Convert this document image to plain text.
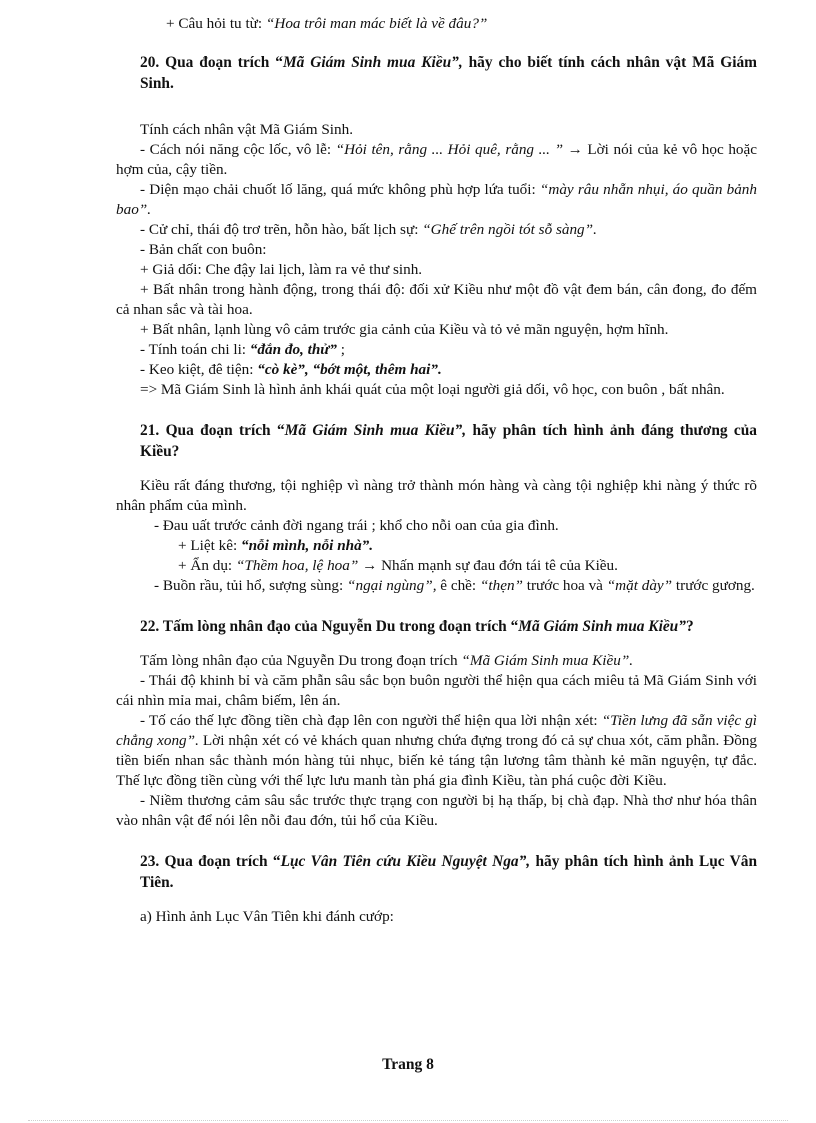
+ Câu hỏi tu từ: “Hoa trôi man mác biết là về đâu?”

20. Qua đoạn trích “Mã Giám Sinh mua Kiều”, hãy cho biết tính cách nhân vật Mã Giám Sinh.

Tính cách nhân vật Mã Giám Sinh.

- Cách nói năng cộc lốc, vô lễ: “Hỏi tên, rằng ... Hỏi quê, rằng ... ” → Lời nói của kẻ vô học hoặc hợm của, cậy tiền.

- Diện mạo chải chuốt lố lăng, quá mức không phù hợp lứa tuổi: “mày râu nhẵn nhụi, áo quần bảnh bao”.

- Cử chỉ, thái độ trơ trẽn, hỗn hào, bất lịch sự: “Ghế trên ngồi tót sỗ sàng”.

- Bản chất con buôn:

+ Giả dối: Che đậy lai lịch, làm ra vẻ thư sinh.

+ Bất nhân trong hành động, trong thái độ: đối xử Kiều như một đồ vật đem bán, cân đong, đo đếm cả nhan sắc và tài hoa.

+ Bất nhân, lạnh lùng vô cảm trước gia cảnh của Kiều và tỏ vẻ mãn nguyện, hợm hĩnh.

- Tính toán chi li: “đắn đo, thử” ;

- Keo kiệt, đê tiện: “cò kè”, “bớt một, thêm hai”.

=> Mã Giám Sinh là hình ảnh khái quát của một loại người giả dối, vô học, con buôn , bất nhân.

21. Qua đoạn trích “Mã Giám Sinh mua Kiều”, hãy phân tích hình ảnh đáng thương của Kiều?

Kiều rất đáng thương, tội nghiệp vì nàng trở thành món hàng và càng tội nghiệp khi nàng ý thức rõ nhân phẩm của mình.

- Đau uất trước cảnh đời ngang trái ; khổ cho nỗi oan của gia đình.

+ Liệt kê: “nỗi mình, nỗi nhà”.

+ Ẩn dụ: “Thềm hoa, lệ hoa” → Nhấn mạnh sự đau đớn tái tê của Kiều.

- Buồn rầu, tủi hổ, sượng sùng: “ngại ngùng”, ê chề: “thẹn” trước hoa và “mặt dày” trước gương.

22. Tấm lòng nhân đạo của Nguyễn Du trong đoạn trích “Mã Giám Sinh mua Kiều”?

Tấm lòng nhân đạo của Nguyễn Du trong đoạn trích “Mã Giám Sinh mua Kiều”.

- Thái độ khinh bỉ và căm phẫn sâu sắc bọn buôn người thể hiện qua cách miêu tả Mã Giám Sinh với cái nhìn mỉa mai, châm biếm, lên án.

- Tố cáo thế lực đồng tiền chà đạp lên con người thể hiện qua lời nhận xét: “Tiền lưng đã sẵn việc gì chẳng xong”. Lời nhận xét có vẻ khách quan nhưng chứa đựng trong đó cả sự chua xót, căm phẫn. Đồng tiền biến nhan sắc thành món hàng tủi nhục, biến kẻ táng tận lương tâm thành kẻ mãn nguyện, tự đắc. Thế lực đồng tiền cùng với thế lực lưu manh tàn phá gia đình Kiều, tàn phá cuộc đời Kiều.

- Niềm thương cảm sâu sắc trước thực trạng con người bị hạ thấp, bị chà đạp. Nhà thơ như hóa thân vào nhân vật để nói lên nỗi đau đớn, tủi hổ của Kiều.

23. Qua đoạn trích “Lục Vân Tiên cứu Kiều Nguyệt Nga”, hãy phân tích hình ảnh Lục Vân Tiên.

a) Hình ảnh Lục Vân Tiên khi đánh cướp:

Trang 8
